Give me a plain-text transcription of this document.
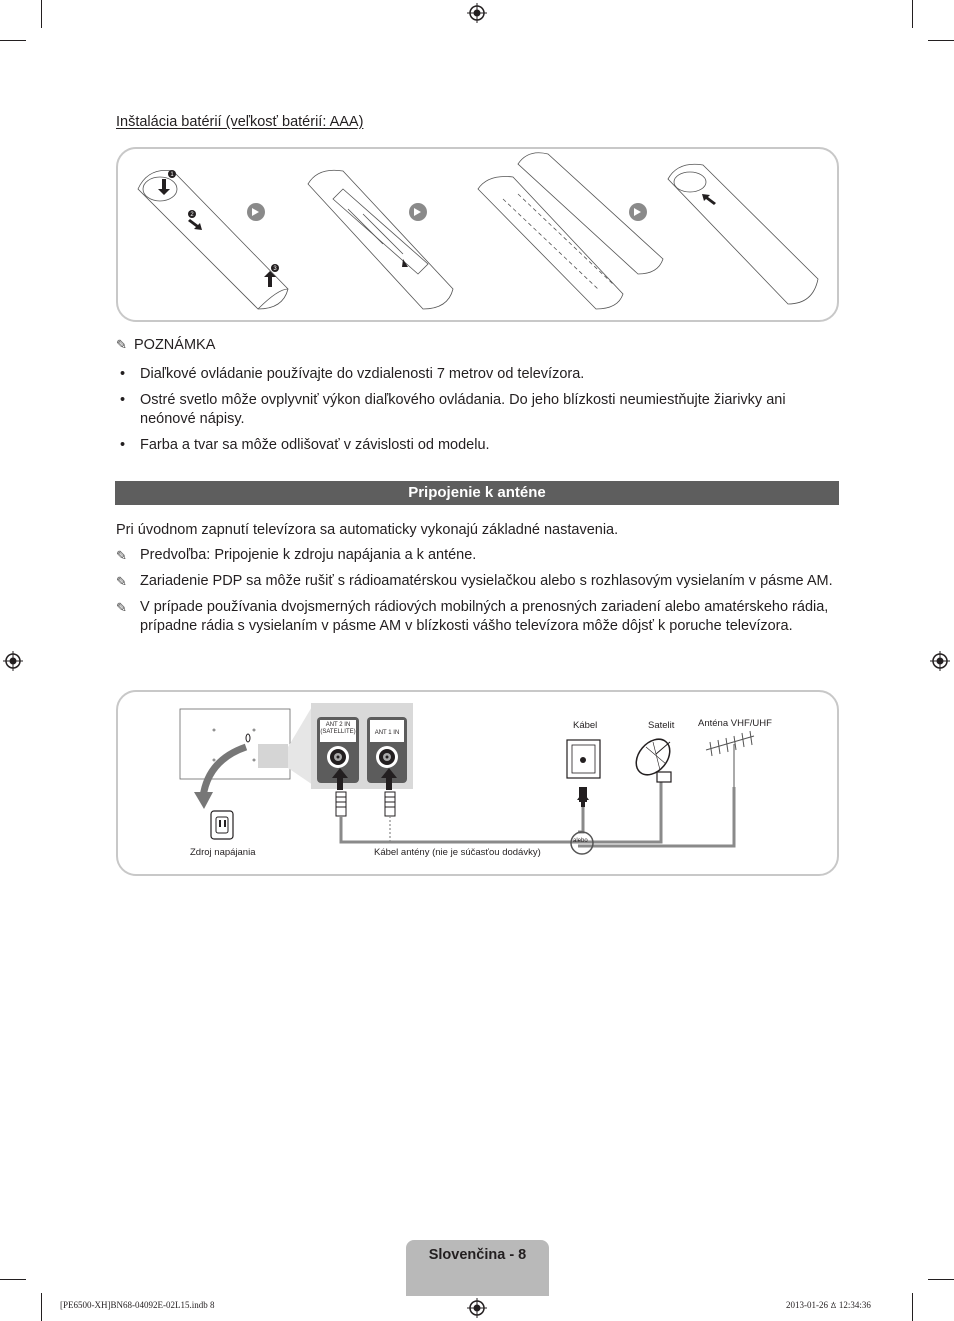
Inštalácia batérií (veľkosť batérií: AAA)
1
2
3
✎ POZNÁMKA
• Diaľkové ovládanie používajte do vzdialenosti 7 metrov od televízora.
• Ostré svetlo môže ovplyvniť výkon diaľkového ovládania. Do jeho blízkosti neumiestňujte žiarivky ani neónové nápisy.
• Farba a tvar sa môže odlišovať v závislosti od modelu.
Pripojenie k anténe
Pri úvodnom zapnutí televízora sa automaticky vykonajú základné nastavenia.
✎ Predvoľba: Pripojenie k zdroju napájania a k anténe.
✎ Zariadenie PDP sa môže rušiť s rádioamatérskou vysielačkou alebo s rozhlasovým vysielaním v pásme AM.
✎ V prípade používania dvojsmerných rádiových mobilných a prenosných zariadení alebo amatérskeho rádia, prípadne rádia s vysielaním v pásme AM v blízkosti vášho televízora môže dôjsť k poruche televízora.
ANT 2 IN (SATELLITE)	ANT 1 IN
Kábel	Satelit Anténa VHF/UHF
Zdroj napájania	Kábel antény (nie je súčasťou dodávky)
alebo
Slovenčina - 8
[PE6500-XH]BN68-04092E-02L15.indb 8	2013-01-26 ꕖ 12:34:36
